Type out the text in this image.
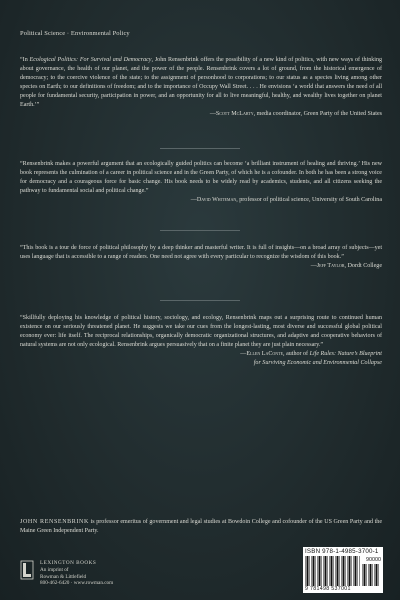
Political Science · Environmental Policy

“In Ecological Politics: For Survival and Democracy, John Rensenbrink offers the possibility of a new kind of politics, with new ways of thinking about governance, the health of our planet, and the power of the people. Rensenbrink covers a lot of ground, from the historical emergence of democracy; to the coercive violence of the state; to the assignment of personhood to corporations; to our status as a species living among other species on Earth; to our definitions of freedom; and to the importance of Occupy Wall Street. . . . He envisions ‘a world that answers the need of all people for fundamental security, participation in power, and an opportunity for all to live meaningful, healthy, and wealthy lives together on planet Earth.’”

—Scott McLarty, media coordinator, Green Party of the United States

“Rensenbrink makes a powerful argument that an ecologically guided politics can become ‘a brilliant instrument of healing and thriving.’ His new book represents the culmination of a career in political science and in the Green Party, of which he is a cofounder. In both he has been a strong voice for democracy and a courageous force for basic change. His book needs to be widely read by academics, students, and all citizens seeking the pathway to fundamental social and political change.”

—David Whiteman, professor of political science, University of South Carolina

“This book is a tour de force of political philosophy by a deep thinker and masterful writer. It is full of insights—on a broad array of subjects—yet uses language that is accessible to a range of readers. One need not agree with every particular to recognize the wisdom of this book.”

—Jeff Taylor, Dordt College

“Skillfully deploying his knowledge of political history, sociology, and ecology, Rensenbrink maps out a surprising route to continued human existence on our seriously threatened planet. He suggests we take our cues from the longest-lasting, most diverse and successful global political economy ever: life itself. The reciprocal relationships, organically democratic organizational structures, and adaptive and cooperative behaviors of natural systems are not only ecological. Rensenbrink argues persuasively that on a finite planet they are just plain necessary.”

—Ellen LaConte, author of Life Rules: Nature’s Blueprint
for Surviving Economic and Environmental Collapse
JOHN RENSENBRINK is professor emeritus of government and legal studies at Bowdoin College and cofounder of the US Green Party and the Maine Green Independent Party.
LEXINGTON BOOKS
An imprint of
Rowman & Littlefield
800-462-6420 · www.rowman.com
ISBN 978-1-4985-3700-1
90000
9 781498 537001
